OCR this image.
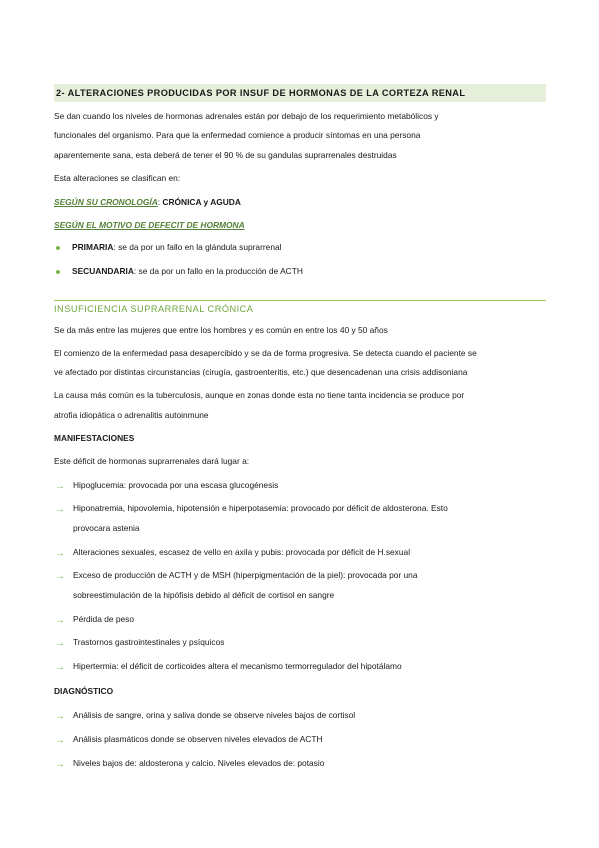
2- ALTERACIONES PRODUCIDAS POR INSUF DE HORMONAS DE LA CORTEZA RENAL
Se dan cuando los niveles de hormonas adrenales están por debajo de los requerimiento metabólicos y
funcionales del organismo. Para que la enfermedad comience a producir síntomas en una persona
aparentemente sana, esta deberá de tener el 90 % de su gandulas suprarrenales destruidas
Esta alteraciones se clasifican en:
SEGÚN SU CRONOLOGÍA: CRÓNICA y AGUDA
SEGÚN EL MOTIVO DE DEFECIT DE HORMONA
PRIMARIA: se da por un fallo en la glándula suprarrenal
SECUANDARIA: se da por un fallo en la producción de ACTH
INSUFICIENCIA SUPRARRENAL CRÓNICA
Se da más entre las mujeres que entre los hombres y es común en entre los 40 y 50 años
El comienzo de la enfermedad pasa desapercibido y se da de forma progresiva. Se detecta cuando el paciente se
ve afectado por distintas circunstancias (cirugía, gastroenteritis, etc.) que desencadenan una crisis addisoniana
La causa más común es la tuberculosis, aunque en zonas donde esta no tiene tanta incidencia se produce por
atrofia idiopática o adrenalitis autoinmune
MANIFESTACIONES
Este déficit de hormonas suprarrenales dará lugar a:
→ Hipoglucemia: provocada por una escasa glucogénesis
→ Hiponatremia, hipovolemia, hipotensión e hiperpotasemia: provocado por déficit de aldosterona. Esto
provocara astenia
→ Alteraciones sexuales, escasez de vello en axila y pubis: provocada por déficit de H.sexual
→ Exceso de producción de ACTH y de MSH (hiperpigmentación de la piel): provocada por una
sobreestimulación de la hipófisis debido al déficit de cortisol en sangre
→ Pérdida de peso
→ Trastornos gastrointestinales y psíquicos
→ Hipertermia: el déficit de corticoides altera el mecanismo termorregulador del hipotálamo
DIAGNÓSTICO
→ Análisis de sangre, orina y saliva donde se observe niveles bajos de cortisol
→ Análisis plasmáticos donde se observen niveles elevados de ACTH
→ Niveles bajos de: aldosterona y calcio. Niveles elevados de: potasio
